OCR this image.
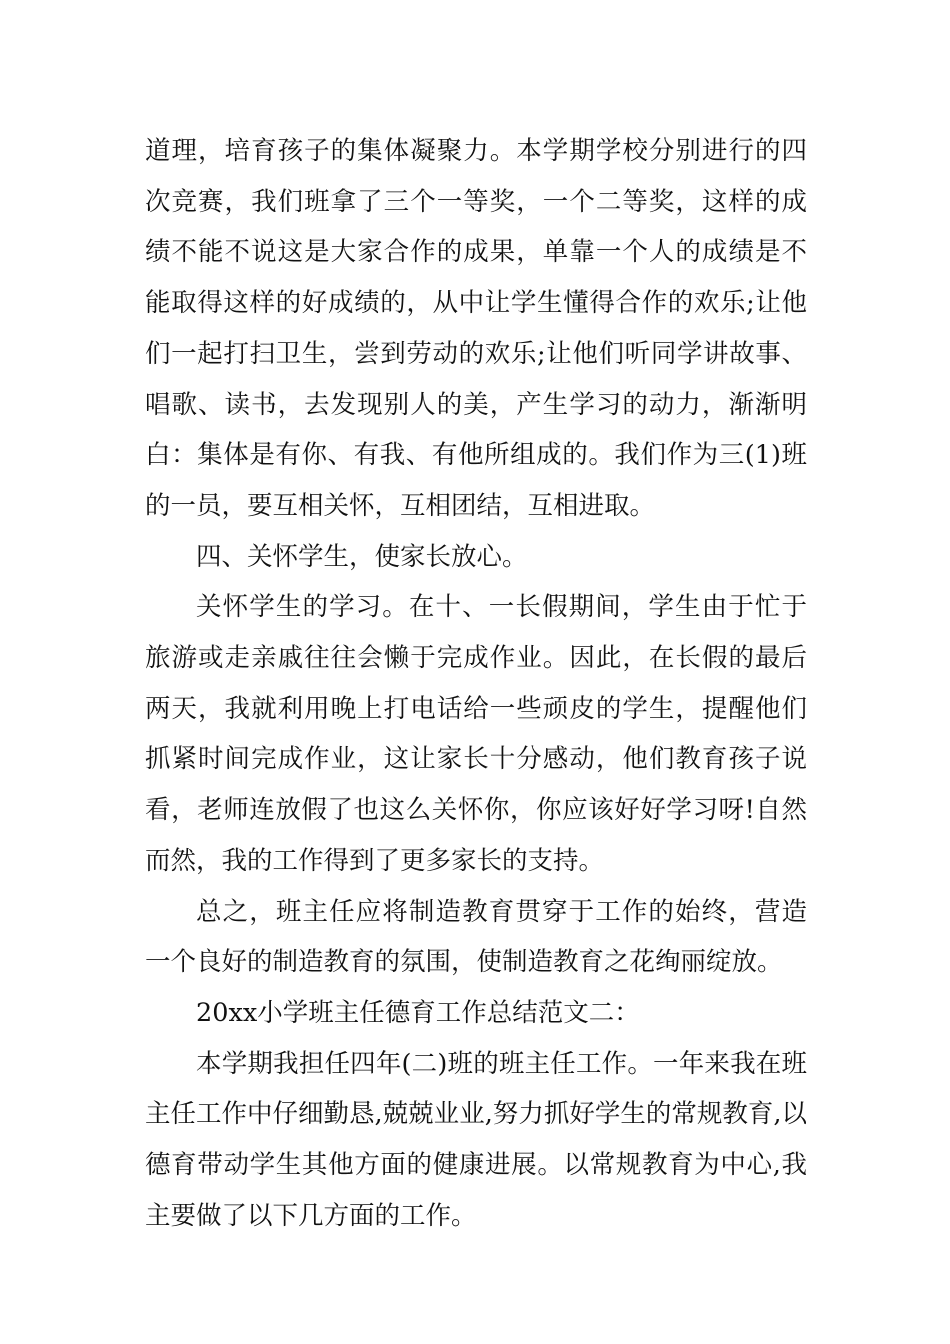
道理，培育孩子的集体凝聚力。本学期学校分别进行的四次竞赛，我们班拿了三个一等奖，一个二等奖，这样的成绩不能不说这是大家合作的成果，单靠一个人的成绩是不能取得这样的好成绩的，从中让学生懂得合作的欢乐;让他们一起打扫卫生，尝到劳动的欢乐;让他们听同学讲故事、唱歌、读书，去发现别人的美，产生学习的动力，渐渐明白：集体是有你、有我、有他所组成的。我们作为三(1)班的一员，要互相关怀，互相团结，互相进取。

四、关怀学生，使家长放心。

关怀学生的学习。在十、一长假期间，学生由于忙于旅游或走亲戚往往会懒于完成作业。因此，在长假的最后两天，我就利用晚上打电话给一些顽皮的学生，提醒他们抓紧时间完成作业，这让家长十分感动，他们教育孩子说看，老师连放假了也这么关怀你，你应该好好学习呀!自然而然，我的工作得到了更多家长的支持。

总之，班主任应将制造教育贯穿于工作的始终，营造一个良好的制造教育的氛围，使制造教育之花绚丽绽放。

20xx小学班主任德育工作总结范文二：

本学期我担任四年(二)班的班主任工作。一年来我在班主任工作中仔细勤恳,兢兢业业,努力抓好学生的常规教育,以德育带动学生其他方面的健康进展。以常规教育为中心,我主要做了以下几方面的工作。
